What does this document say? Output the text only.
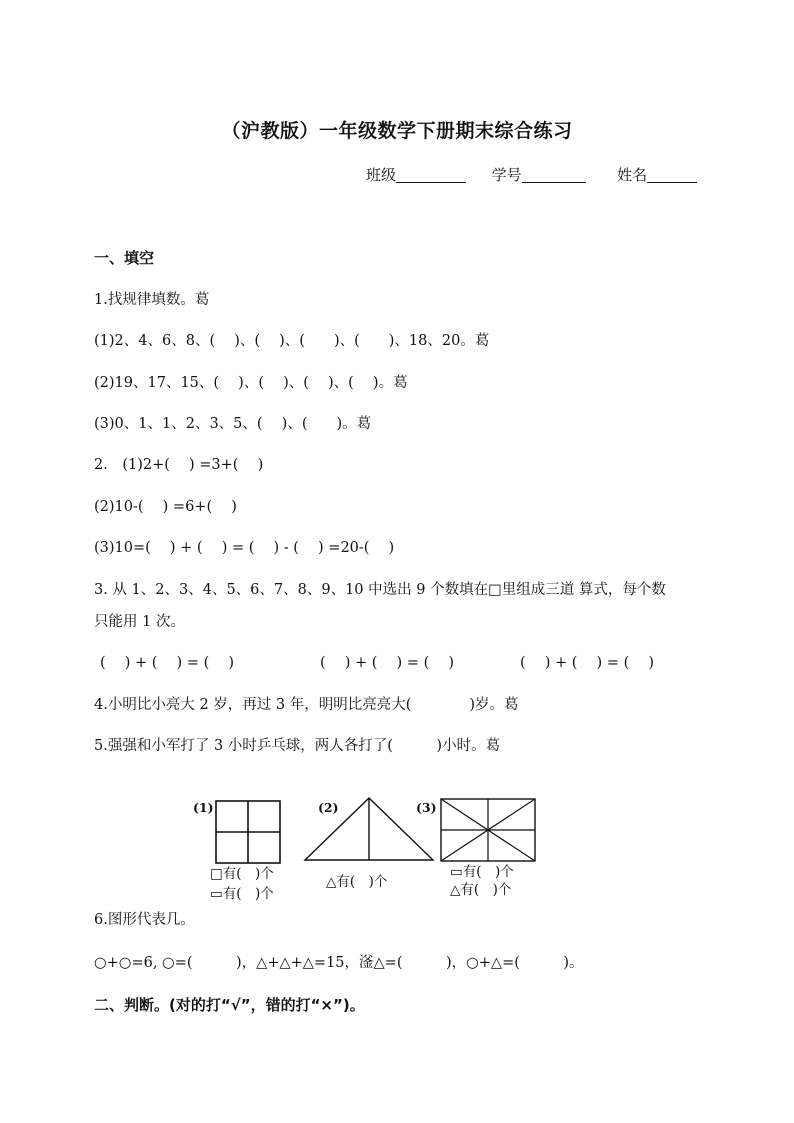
（沪教版）一年级数学下册期末综合练习
班级	学号	姓名
一、填空
1.找规律填数。葛
(1)2、4、6、8、(　 )、(　 )、(　　)、(　　)、18、20。葛
(2)19、17、15、(　 )、(　 )、(　 )、(　 )。葛
(3)0、1、1、2、3、5、(　 )、(　　)。葛
2.　(1)2+(　 ) =3+(　 )
(2)10-(　 ) =6+(　 )
(3)10=(　 ) + (　 ) = (　 ) - (　 ) =20-(　 )
3. 从 1、2、3、4、5、6、7、8、9、10 中选出 9 个数填在□里组成三道 算式，每个数
只能用 1 次。
(　 ) + (　 ) = (　 )	(　 ) + (　 ) = (　 )	(　 ) + (　 ) = (　 )
4.小明比小亮大 2 岁，再过 3 年，明明比亮亮大(　　　　)岁。葛
5.强强和小军打了 3 小时乒乓球，两人各打了(　　　)小时。葛
(1)
□有(　)个
▭有(　)个
(2)
△有(　)个
(3)
▭有(　)个
△有(　)个
6.图形代表几。
○+○=6, ○=(　　　)，△+△+△=15，滏△=(　　　)，○+△=(　　　)。
二、判断。(对的打“√”，错的打“×”)。
